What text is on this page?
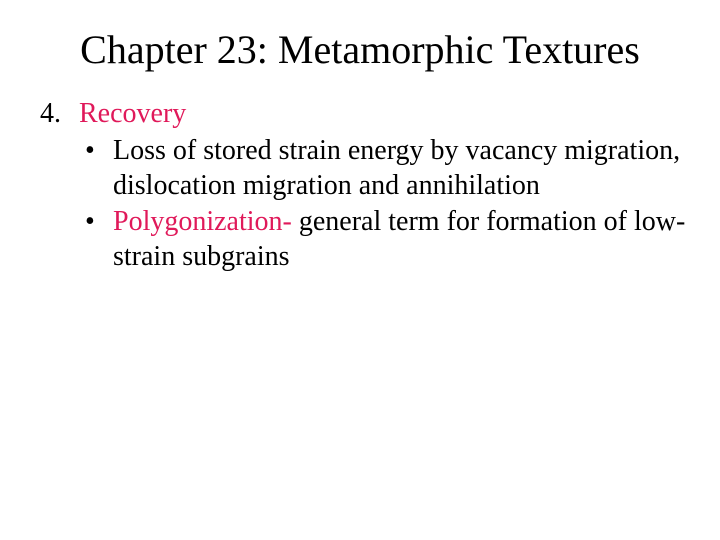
Chapter 23: Metamorphic Textures
4. Recovery
• Loss of stored strain energy by vacancy migration, dislocation migration and annihilation
• Polygonization- general term for formation of low-strain subgrains
